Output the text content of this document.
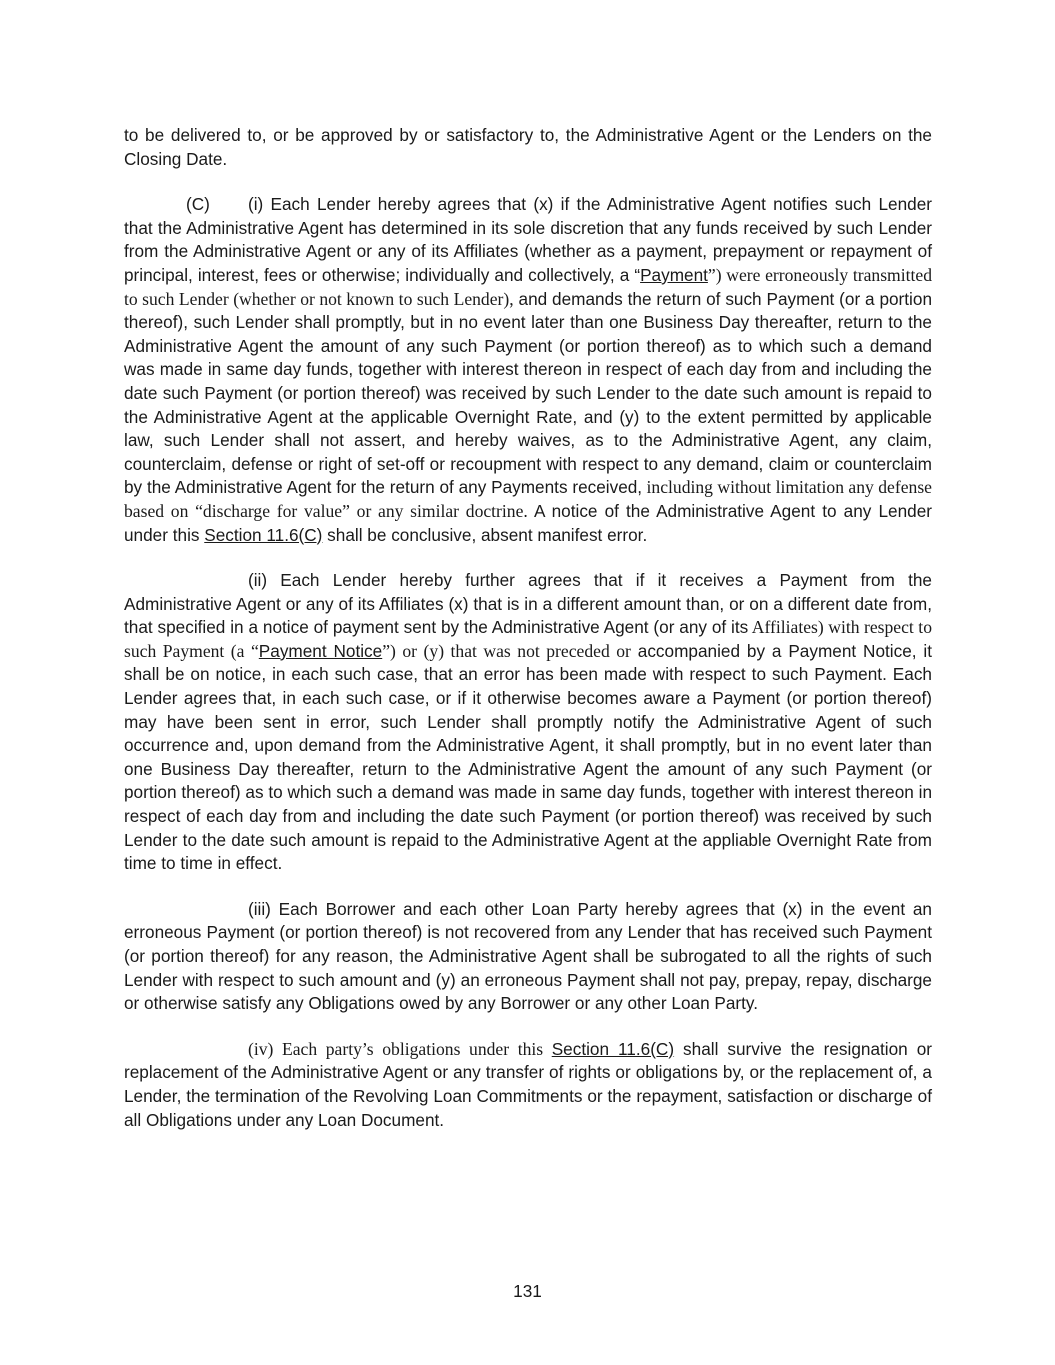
to be delivered to, or be approved by or satisfactory to, the Administrative Agent or the Lenders on the Closing Date.

(C) (i) Each Lender hereby agrees that (x) if the Administrative Agent notifies such Lender that the Administrative Agent has determined in its sole discretion that any funds received by such Lender from the Administrative Agent or any of its Affiliates (whether as a payment, prepayment or repayment of principal, interest, fees or otherwise; individually and collectively, a “Payment”) were erroneously transmitted to such Lender (whether or not known to such Lender), and demands the return of such Payment (or a portion thereof), such Lender shall promptly, but in no event later than one Business Day thereafter, return to the Administrative Agent the amount of any such Payment (or portion thereof) as to which such a demand was made in same day funds, together with interest thereon in respect of each day from and including the date such Payment (or portion thereof) was received by such Lender to the date such amount is repaid to the Administrative Agent at the applicable Overnight Rate, and (y) to the extent permitted by applicable law, such Lender shall not assert, and hereby waives, as to the Administrative Agent, any claim, counterclaim, defense or right of set-off or recoupment with respect to any demand, claim or counterclaim by the Administrative Agent for the return of any Payments received, including without limitation any defense based on “discharge for value” or any similar doctrine. A notice of the Administrative Agent to any Lender under this Section 11.6(C) shall be conclusive, absent manifest error.

(ii) Each Lender hereby further agrees that if it receives a Payment from the Administrative Agent or any of its Affiliates (x) that is in a different amount than, or on a different date from, that specified in a notice of payment sent by the Administrative Agent (or any of its Affiliates) with respect to such Payment (a “Payment Notice”) or (y) that was not preceded or accompanied by a Payment Notice, it shall be on notice, in each such case, that an error has been made with respect to such Payment. Each Lender agrees that, in each such case, or if it otherwise becomes aware a Payment (or portion thereof) may have been sent in error, such Lender shall promptly notify the Administrative Agent of such occurrence and, upon demand from the Administrative Agent, it shall promptly, but in no event later than one Business Day thereafter, return to the Administrative Agent the amount of any such Payment (or portion thereof) as to which such a demand was made in same day funds, together with interest thereon in respect of each day from and including the date such Payment (or portion thereof) was received by such Lender to the date such amount is repaid to the Administrative Agent at the appliable Overnight Rate from time to time in effect.

(iii) Each Borrower and each other Loan Party hereby agrees that (x) in the event an erroneous Payment (or portion thereof) is not recovered from any Lender that has received such Payment (or portion thereof) for any reason, the Administrative Agent shall be subrogated to all the rights of such Lender with respect to such amount and (y) an erroneous Payment shall not pay, prepay, repay, discharge or otherwise satisfy any Obligations owed by any Borrower or any other Loan Party.

(iv) Each party’s obligations under this Section 11.6(C) shall survive the resignation or replacement of the Administrative Agent or any transfer of rights or obligations by, or the replacement of, a Lender, the termination of the Revolving Loan Commitments or the repayment, satisfaction or discharge of all Obligations under any Loan Document.

131
